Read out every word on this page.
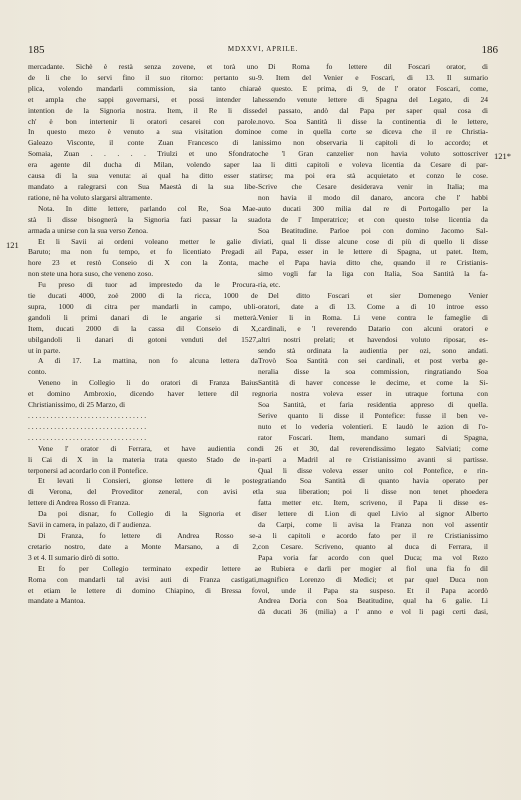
185	MDXXVI, APRILE.	186
121
121*
mercadante. Sichè è restà senza zovene, et torà uno
de li che lo servi fino il suo ritorno: pertanto su-
plica, volendo mandarli commission, sia tanto chiara
et ampla che sappi governarsi, et possi intender la
intention de la Signoria nostra. Item, il Re li disse
ch' è bon intertenir li oratori cesarei con parole.
In questo mezo è venuto a sua visitation domino
Galeazo Visconte, il conte Zuan Francesco di la
Somaia, Zuan . . . . . Triulzi et uno Sfondrato
era agente dil ducha di Milan, volendo saper la
causa di la sua venuta: ai qual ha ditto esser sta
mandato a ralegrarsi con Sua Maestà di la sua libe-
ratione, nè ha voluto slargarsi altramente.
Nota. In ditte lettere, parlando col Re, Soa Mae-
stà li disse bisognerà la Signoria fazi passar la sua
armada a unirse con la sua verso Zenoa.
Et li Savii ai ordeni voleano metter le galie di
Baruto; ma non fu tempo, et fo licentiato Pregadi a
hore 23 et restò Conseio di X con la Zonta, ma
non stete una hora suso, che veneno zoso.
Fu preso di tuor ad imprestedo da le Procura-
tie ducati 4000, zoè 2000 di la ricca, 1000 de
supra, 1000 di citra per mandarli in campo, ubli-
gandoli li primi danari di le angarie si metterà.
Item, ducati 2000 di la cassa dil Conseio di X,
ubilgandoli li danari di gotoni venduti del 1527,
ut in parte.
A dì 17. La mattina, non fo alcuna lettera da
conto.
Veneno in Collegio li do oratori di Franza Baius
et domino Ambroxio, dicendo haver lettere dil re
Christianissimo, di 25 Marzo, di
. . . . . . . . . . . . . . . . . . . . . . . . . . . . . . . .
. . . . . . . . . . . . . . . . . . . . . . . . . . . . . . . .
. . . . . . . . . . . . . . . . . . . . . . . . . . . . . . . .
Vene l' orator di Ferrara, et have audientia con
li Cai di X in la materia trata questo Stado de in-
terponersi ad acordarlo con il Pontefice.
Et levati li Consieri, gionse lettere di le poste
di Verona, del Proveditor zeneral, con avisi et
lettere di Andrea Rosso di Franza.
Da poi disnar, fo Collegio di la Signoria et di
Savii in camera, in palazo, di l' audienza.
Di Franza, fo lettere di Andrea Rosso se-
cretario nostro, date a Monte Marsano, a dì 2,
3 et 4. Il sumario dirò di sotto.
Et fo per Collegio terminato expedir lettere a
Roma con mandarli tal avisi auti di Franza castigati,
et etiam le lettere di domino Chiapino, di Bressa fo
mandate a Mantoa.
Di Roma fo lettere dil Foscari orator, di
9. Item del Venier e Foscari, di 13. Il sumario
è questo. E prima, di 9, de l' orator Foscari, come,
hessendo venute lettere di Spagna del Legato, di 24
del passato, andò dal Papa per saper qual cosa di
novo. Soa Santità li disse la continentia di le lettere,
e come in quella corte se diceva che il re Christia-
nissimo non observaria li capitoli di lo accordo; et
che 'l Gran canzelier non havia voluto sottoscriver
a li ditti capitoli e voleva licentia da Cesare di par-
tirse; ma poi era stà acquietato et conzo le cose.
Scrive che Cesare desiderava venir in Italia; ma
non havia il modo dil danaro, ancora che l' habbi
auto ducati 300 milia dal re di Portogallo per la
dota de l' Imperatrice; et con questo tolse licentia da
Soa Beatitudine. Parloe poi con domino Jacomo Sal-
viati, qual li disse alcune cose di più di quello li disse
il Papa, esser in le lettere di Spagna, ut patet. Item,
che el Papa havia ditto che, quando il re Cristianis-
simo vogli far la liga con Italia, Soa Santità la fa-
ria, etc.
Del ditto Foscari et sier Domenego Venier
oratori, date a dì 13. Come a dì 10 introe esso
Venier li in Roma. Li vene contra le fameglie di
cardinali, e 'l reverendo Datario con alcuni oratori e
altri nostri prelati; et havendosi voluto riposar, es-
sendo stà ordinata la audientia per ozi, sono andati.
Trovò Soa Santità con sei cardinali, et post verba ge-
neralia disse la soa commission, ringratiando Soa
Santità di haver concesse le decime, et come la Si-
gnoria nostra voleva esser in utraque fortuna con
Soa Santità, et faria residentia appreso di quella.
Serive quanto li disse il Pontefice: fusse il ben ve-
nuto et lo vederia volentieri. E laudò le azion di l'o-
rator Foscari. Item, mandano sumari di Spagna,
di 26 et 30, dal reverendissimo legato Salviati; come
partì a Madril al re Cristianissimo avanti si partisse.
Qual li disse voleva esser unito col Pontefice, e rin-
gratiando Soa Santità di quanto havia operato per
la sua liberation; poi li disse non tenet phoedera
fatta metter etc. Item, scriveno, il Papa li disse es-
ser lettere di Lion di quel Livio al signor Alberto
da Carpi, come li avisa la Franza non vol assentir
a li capitoli e acordo fato per il re Cristianissimo
con Cesare. Scriveno, quanto al duca di Ferrara, il
Papa voria far acordo con quel Duca; ma vol Rezo
e Rubiera e darli per mogier al fiol una fia fo dil
magnifico Lorenzo di Medici; et par quel Duca non
vol, unde il Papa sta suspeso. Et il Papa acordò
Andrea Doria con Soa Beatitudine, qual ha 6 galie. Li
dà ducati 36 (milia) a l' anno e vol li pagi certi dasi,
